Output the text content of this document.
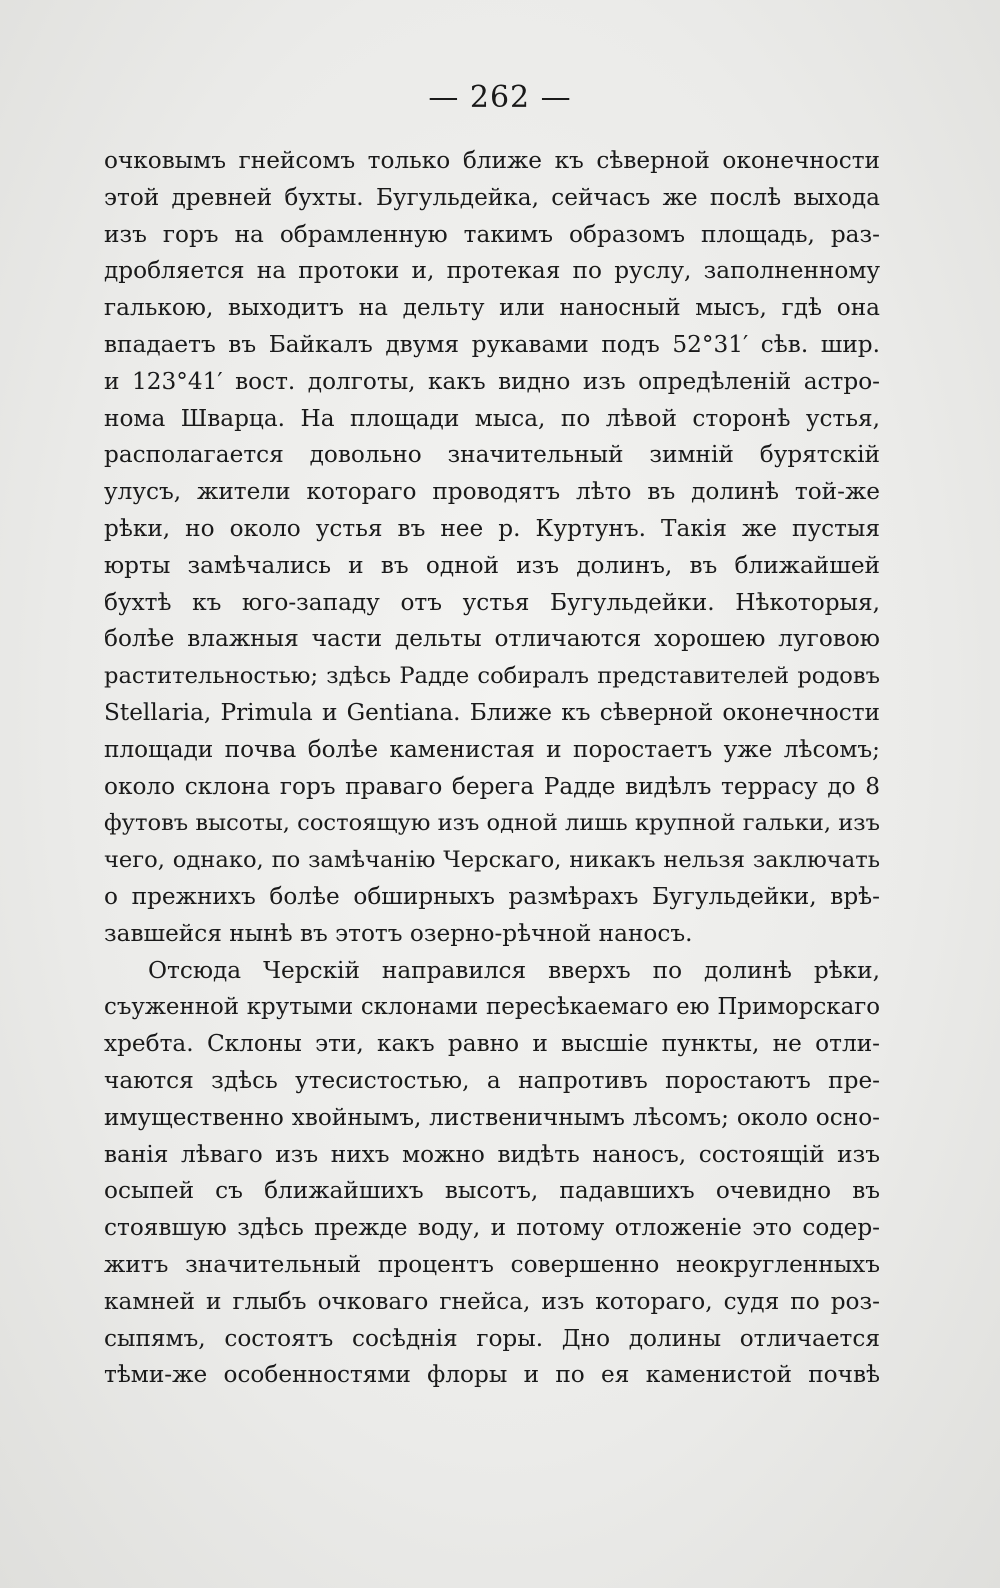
— 262 —
очковымъ гнейсомъ только ближе къ сѣверной оконечности
этой древней бухты. Бугульдейка, сейчасъ же послѣ выхода
изъ горъ на обрамленную такимъ образомъ площадь, раз-
дробляется на протоки и, протекая по руслу, заполненному
галькою, выходитъ на дельту или наносный мысъ, гдѣ она
впадаетъ въ Байкалъ двумя рукавами подъ 52°31′ сѣв. шир.
и 123°41′ вост. долготы, какъ видно изъ опредѣленій астро-
нома Шварца. На площади мыса, по лѣвой сторонѣ устья,
располагается довольно значительный зимній бурятскій
улусъ, жители котораго проводятъ лѣто въ долинѣ той-же
рѣки, но около устья въ нее р. Куртунъ. Такія же пустыя
юрты замѣчались и въ одной изъ долинъ, въ ближайшей
бухтѣ къ юго-западу отъ устья Бугульдейки. Нѣкоторыя,
болѣе влажныя части дельты отличаются хорошею луговою
растительностью; здѣсь Радде собиралъ представителей родовъ
Stellaria, Primula и Gentiana. Ближе къ сѣверной оконечности
площади почва болѣе каменистая и поростаетъ уже лѣсомъ;
около склона горъ праваго берега Радде видѣлъ террасу до 8
футовъ высоты, состоящую изъ одной лишь крупной гальки, изъ
чего, однако, по замѣчанію Черскаго, никакъ нельзя заключать
о прежнихъ болѣе обширныхъ размѣрахъ Бугульдейки, врѣ-
завшейся нынѣ въ этотъ озерно-рѣчной наносъ.
Отсюда Черскій направился вверхъ по долинѣ рѣки,
съуженной крутыми склонами пересѣкаемаго ею Приморскаго
хребта. Склоны эти, какъ равно и высшіе пункты, не отли-
чаются здѣсь утесистостью, а напротивъ поростаютъ пре-
имущественно хвойнымъ, лиственичнымъ лѣсомъ; около осно-
ванія лѣваго изъ нихъ можно видѣть наносъ, состоящій изъ
осыпей съ ближайшихъ высотъ, падавшихъ очевидно въ
стоявшую здѣсь прежде воду, и потому отложеніе это содер-
житъ значительный процентъ совершенно неокругленныхъ
камней и глыбъ очковаго гнейса, изъ котораго, судя по роз-
сыпямъ, состоятъ сосѣднія горы. Дно долины отличается
тѣми-же особенностями флоры и по ея каменистой почвѣ
